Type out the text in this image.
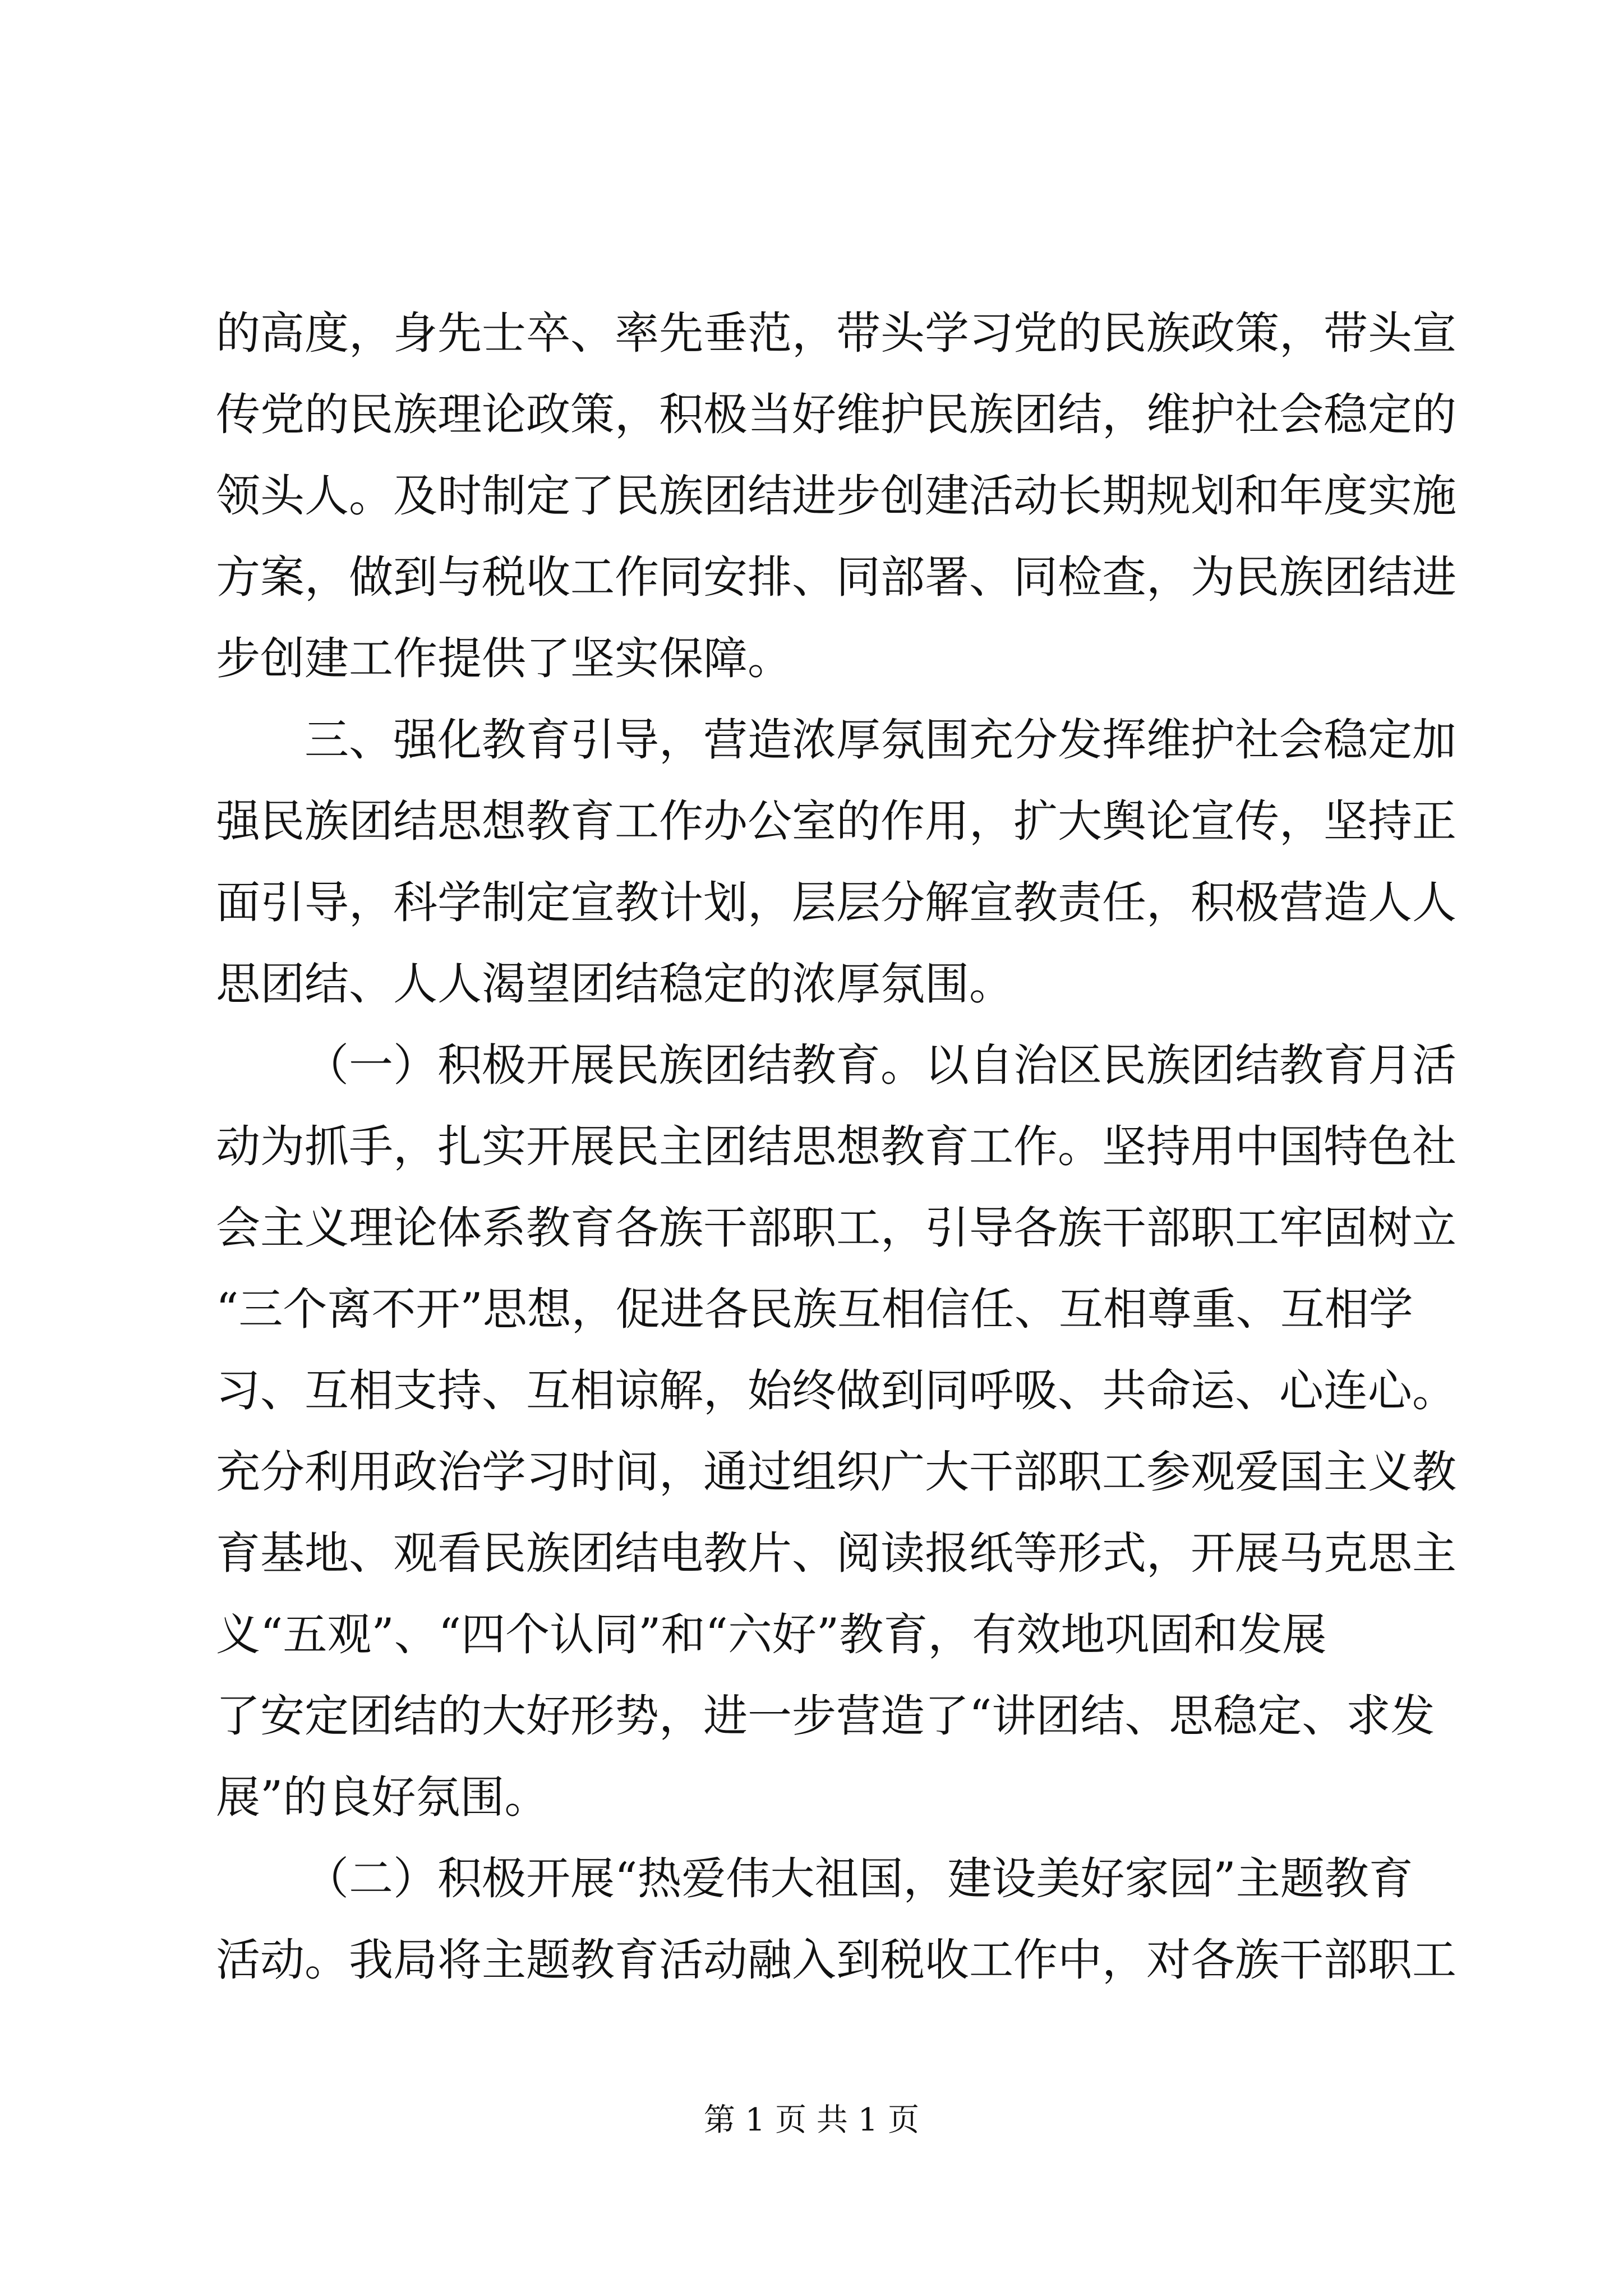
的高度，身先士卒、率先垂范，带头学习党的民族政策，带头宣
传党的民族理论政策，积极当好维护民族团结，维护社会稳定的
领头人。及时制定了民族团结进步创建活动长期规划和年度实施
方案，做到与税收工作同安排、同部署、同检查，为民族团结进
步创建工作提供了坚实保障。
三、强化教育引导，营造浓厚氛围充分发挥维护社会稳定加
强民族团结思想教育工作办公室的作用，扩大舆论宣传，坚持正
面引导，科学制定宣教计划，层层分解宣教责任，积极营造人人
思团结、人人渴望团结稳定的浓厚氛围。
（一）积极开展民族团结教育。以自治区民族团结教育月活
动为抓手，扎实开展民主团结思想教育工作。坚持用中国特色社
会主义理论体系教育各族干部职工，引导各族干部职工牢固树立
“三个离不开”思想，促进各民族互相信任、互相尊重、互相学
习、互相支持、互相谅解，始终做到同呼吸、共命运、心连心。
充分利用政治学习时间，通过组织广大干部职工参观爱国主义教
育基地、观看民族团结电教片、阅读报纸等形式，开展马克思主
义“五观”、“四个认同”和“六好”教育，有效地巩固和发展
了安定团结的大好形势，进一步营造了“讲团结、思稳定、求发
展”的良好氛围。
（二）积极开展“热爱伟大祖国，建设美好家园”主题教育
活动。我局将主题教育活动融入到税收工作中，对各族干部职工
第 1 页 共 1 页
